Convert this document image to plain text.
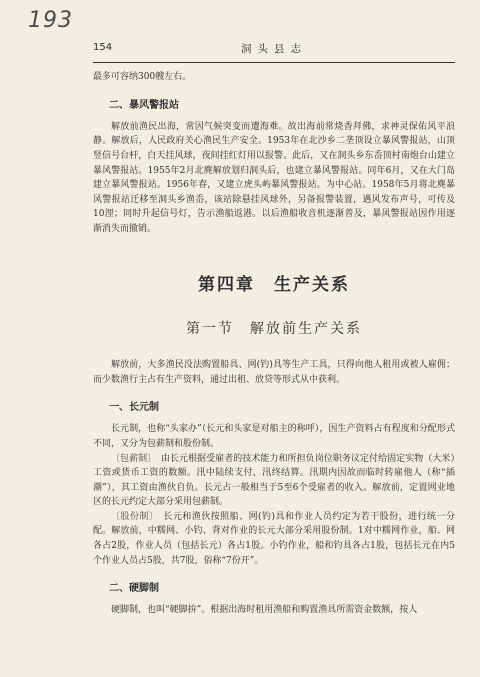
193
154	洞头县志

最多可容纳300艘左右。

二、暴风警报站

解放前渔民出海，常因气候突变而遭海难。故出海前常烧香拜佛，求神灵保佑风平浪静。解放后，人民政府关心渔民生产安全。1953年在北沙乡二垄顶设立暴风警报站，山顶竖信号台杆，白天挂风球，夜间挂红灯用以报警。此后，又在洞头乡东岙顶村南炮台山建立暴风警报站。1955年2月北麂解放划归洞头后，也建立暴风警报站。同年6月，又在大门岛建立暴风警报站。1956年春，又建立虎头屿暴风警报站。为中心站。1958年5月将北麂暴风警报站迁移至洞头乡渔岙，该站除悬挂风球外，另备报警装置，遇风发布声号，可传及10浬；同时升起信号灯，告示渔船返港。以后渔船收音机逐渐普及，暴风警报站因作用逐渐消失而撤销。

第四章　生产关系
第一节　解放前生产关系

解放前，大多渔民没法购置船具、网(钓)具等生产工具，只得向他人租用或被人雇佣；而少数渔行主占有生产资料，通过出租、放贷等形式从中获利。

一、长元制

长元制，也称“头家办”（长元和头家是对船主的称呼），因生产资料占有程度和分配形式不同，又分为包薪制和股份制。

〔包薪制〕　 由长元根据受雇者的技术能力和所担负岗位职务议定付给固定实物（大米）工资或货币工资的数额。汛中陆续支付，汛终结算。汛期内因故而临时转雇他人（称“插潮”），其工资由渔伙自负。长元占一般相当于5至6个受雇者的收入。解放前，定置网业地区的长元约定大部分采用包薪制。

〔股份制〕　 长元和渔伙按照船、网(钓)具和作业人员约定为若干股份，进行统一分配。解放前，中糯网、小钓、背对作业的长元大部分采用股份制。1对中糯网作业，船、网各占2股，作业人员（包括长元）各占1股。小钓作业，船和钓具各占1股，包括长元在内5个作业人员占5股，共7股，俗称“7份开”。

二、硬脚制

硬脚制，也叫“硬脚拚”。根据出海时租用渔船和购置渔具所需资金数额，按人
